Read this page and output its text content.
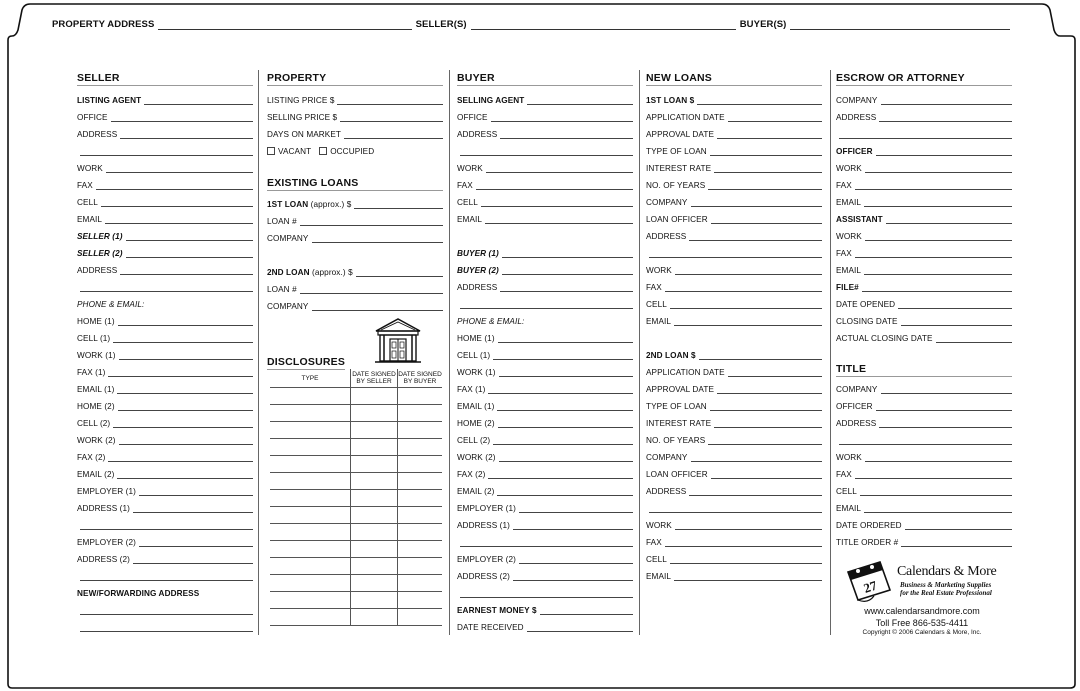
PROPERTY ADDRESS	SELLER(S)	BUYER(S)
SELLER
LISTING AGENT
OFFICE
ADDRESS
WORK
FAX
CELL
EMAIL
SELLER (1)
SELLER (2)
ADDRESS
PHONE & EMAIL:
HOME (1)
CELL (1)
WORK (1)
FAX (1)
EMAIL (1)
HOME (2)
CELL (2)
WORK (2)
FAX (2)
EMAIL (2)
EMPLOYER (1)
ADDRESS (1)
EMPLOYER (2)
ADDRESS (2)
NEW/FORWARDING ADDRESS
PROPERTY
LISTING PRICE $
SELLING PRICE $
DAYS ON MARKET
VACANT	OCCUPIED
EXISTING LOANS
1ST LOAN (approx.) $
LOAN #
COMPANY
2ND LOAN (approx.) $
LOAN #
COMPANY
DISCLOSURES
TYPE	DATE SIGNED BY SELLER	DATE SIGNED BY BUYER

BUYER
SELLING AGENT
OFFICE
ADDRESS
WORK
FAX
CELL
EMAIL
BUYER (1)
BUYER (2)
ADDRESS
PHONE & EMAIL:
HOME (1)
CELL (1)
WORK (1)
FAX (1)
EMAIL (1)
HOME (2)
CELL (2)
WORK (2)
FAX (2)
EMAIL (2)
EMPLOYER (1)
ADDRESS (1)
EMPLOYER (2)
ADDRESS (2)
EARNEST MONEY $
DATE RECEIVED
NEW LOANS
1ST LOAN $
APPLICATION DATE
APPROVAL DATE
TYPE OF LOAN
INTEREST RATE
NO. OF YEARS
COMPANY
LOAN OFFICER
ADDRESS
WORK
FAX
CELL
EMAIL
2ND LOAN $
APPLICATION DATE
APPROVAL DATE
TYPE OF LOAN
INTEREST RATE
NO. OF YEARS
COMPANY
LOAN OFFICER
ADDRESS
WORK
FAX
CELL
EMAIL
ESCROW OR ATTORNEY
COMPANY
ADDRESS
OFFICER
WORK
FAX
EMAIL
ASSISTANT
WORK
FAX
EMAIL
FILE#
DATE OPENED
CLOSING DATE
ACTUAL CLOSING DATE
TITLE
COMPANY
OFFICER
ADDRESS
WORK
FAX
CELL
EMAIL
DATE ORDERED
TITLE ORDER #
27
Calendars & More
Business & Marketing Supplies
for the Real Estate Professional
www.calendarsandmore.com
Toll Free 866-535-4411
Copyright © 2006 Calendars & More, Inc.
